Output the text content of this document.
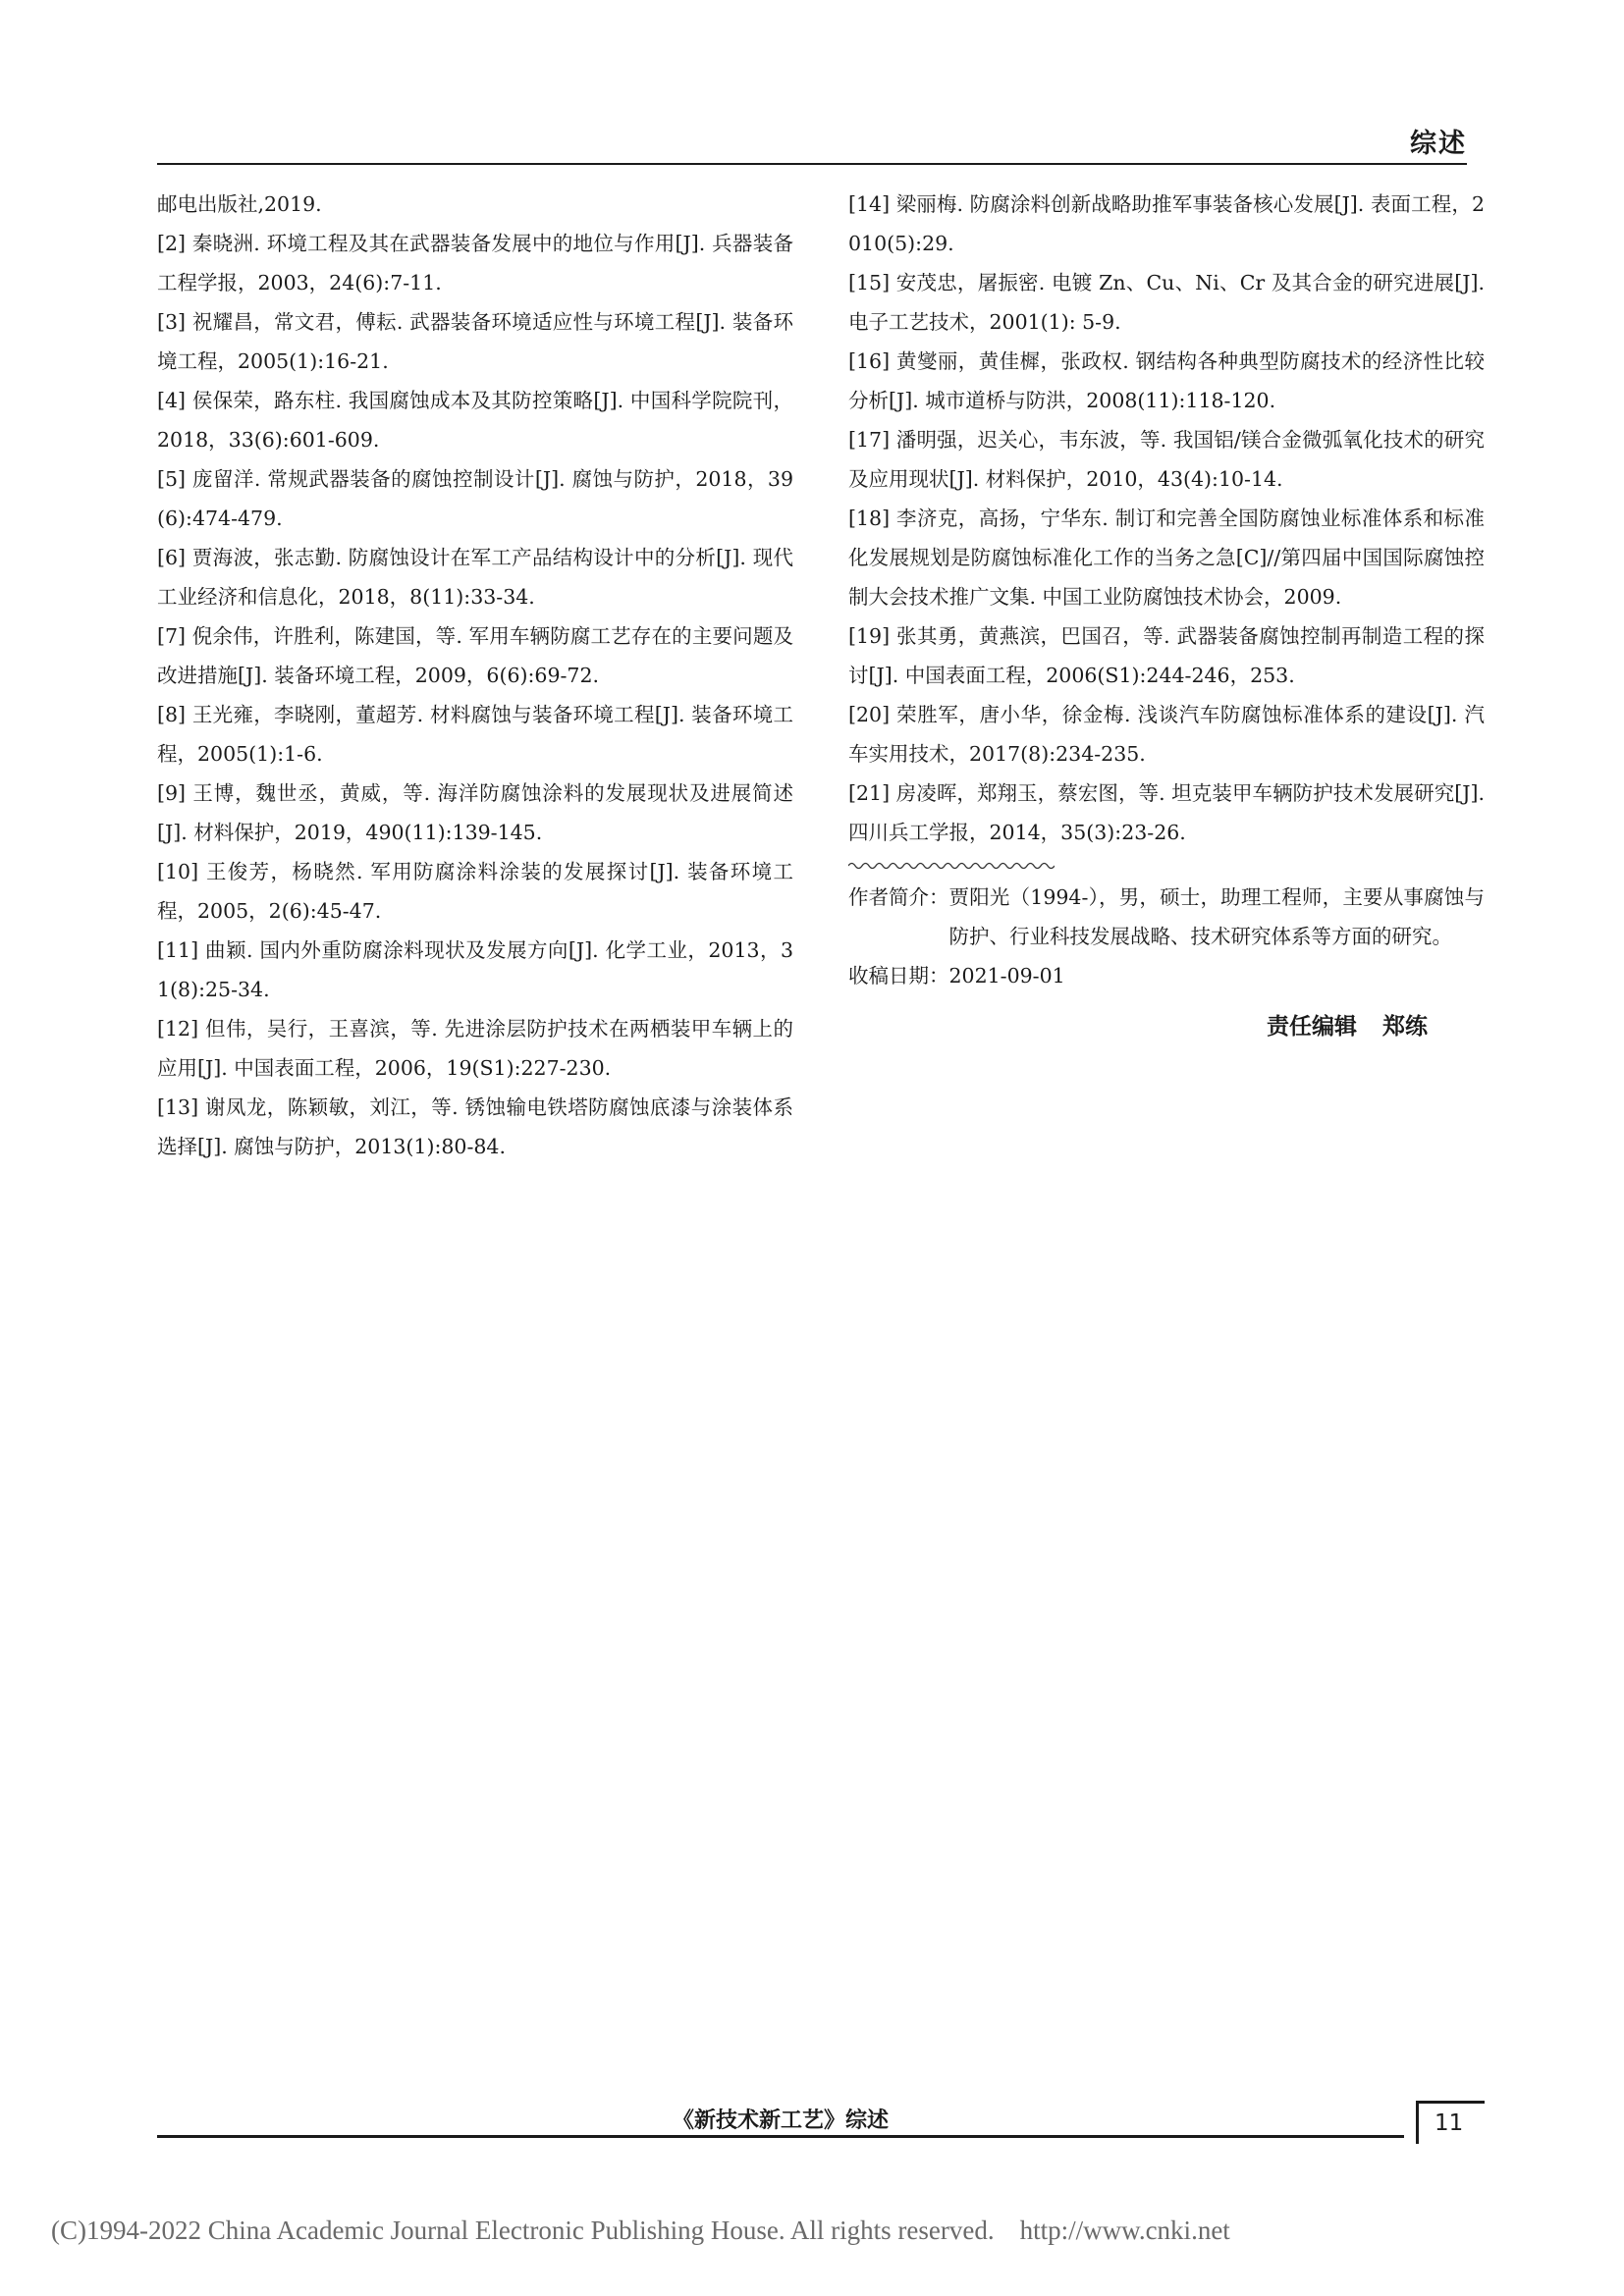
综述

邮电出版社,2019.

[2] 秦晓洲. 环境工程及其在武器装备发展中的地位与作用[J]. 兵器装备工程学报，2003，24(6):7-11.

[3] 祝耀昌，常文君，傅耘. 武器装备环境适应性与环境工程[J]. 装备环境工程，2005(1):16-21.

[4] 侯保荣，路东柱. 我国腐蚀成本及其防控策略[J]. 中国科学院院刊，2018，33(6):601-609.

[5] 庞留洋. 常规武器装备的腐蚀控制设计[J]. 腐蚀与防护，2018，39(6):474-479.

[6] 贾海波，张志勤. 防腐蚀设计在军工产品结构设计中的分析[J]. 现代工业经济和信息化，2018，8(11):33-34.

[7] 倪余伟，许胜利，陈建国，等. 军用车辆防腐工艺存在的主要问题及改进措施[J]. 装备环境工程，2009，6(6):69-72.

[8] 王光雍，李晓刚，董超芳. 材料腐蚀与装备环境工程[J]. 装备环境工程，2005(1):1-6.

[9] 王博，魏世丞，黄威，等. 海洋防腐蚀涂料的发展现状及进展简述[J]. 材料保护，2019，490(11):139-145.

[10] 王俊芳，杨晓然. 军用防腐涂料涂装的发展探讨[J]. 装备环境工程，2005，2(6):45-47.

[11] 曲颖. 国内外重防腐涂料现状及发展方向[J]. 化学工业，2013，31(8):25-34.

[12] 但伟，吴行，王喜滨，等. 先进涂层防护技术在两栖装甲车辆上的应用[J]. 中国表面工程，2006，19(S1):227-230.

[13] 谢凤龙，陈颖敏，刘江，等. 锈蚀输电铁塔防腐蚀底漆与涂装体系选择[J]. 腐蚀与防护，2013(1):80-84.

[14] 梁丽梅. 防腐涂料创新战略助推军事装备核心发展[J]. 表面工程，2010(5):29.

[15] 安茂忠，屠振密. 电镀 Zn、Cu、Ni、Cr 及其合金的研究进展[J]. 电子工艺技术，2001(1): 5-9.

[16] 黄燮丽，黄佳樨，张政权. 钢结构各种典型防腐技术的经济性比较分析[J]. 城市道桥与防洪，2008(11):118-120.

[17] 潘明强，迟关心，韦东波，等. 我国铝/镁合金微弧氧化技术的研究及应用现状[J]. 材料保护，2010，43(4):10-14.

[18] 李济克，高扬，宁华东. 制订和完善全国防腐蚀业标准体系和标准化发展规划是防腐蚀标准化工作的当务之急[C]//第四届中国国际腐蚀控制大会技术推广文集. 中国工业防腐蚀技术协会，2009.

[19] 张其勇，黄燕滨，巴国召，等. 武器装备腐蚀控制再制造工程的探讨[J]. 中国表面工程，2006(S1):244-246，253.

[20] 荣胜军，唐小华，徐金梅. 浅谈汽车防腐蚀标准体系的建设[J]. 汽车实用技术，2017(8):234-235.

[21] 房凌晖，郑翔玉，蔡宏图，等. 坦克装甲车辆防护技术发展研究[J]. 四川兵工学报，2014，35(3):23-26.

作者简介： 贾阳光（1994-），男，硕士，助理工程师，主要从事腐蚀与防护、行业科技发展战略、技术研究体系等方面的研究。

收稿日期：2021-09-01

责任编辑 郑练

《新技术新工艺》综述	11
(C)1994-2022 China Academic Journal Electronic Publishing House. All rights reserved. http://www.cnki.net
